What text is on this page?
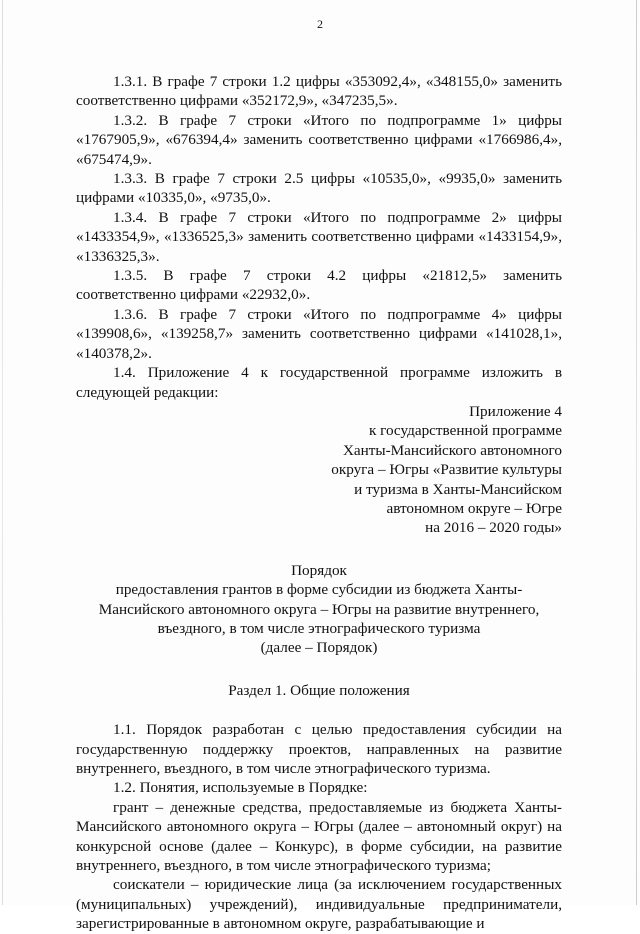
2

1.3.1. В графе 7 строки 1.2 цифры «353092,4», «348155,0» заменить соответственно цифрами «352172,9», «347235,5».

1.3.2. В графе 7 строки «Итого по подпрограмме 1» цифры «1767905,9», «676394,4» заменить соответственно цифрами «1766986,4», «675474,9».

1.3.3. В графе 7 строки 2.5 цифры «10535,0», «9935,0» заменить цифрами «10335,0», «9735,0».

1.3.4. В графе 7 строки «Итого по подпрограмме 2» цифры «1433354,9», «1336525,3» заменить соответственно цифрами «1433154,9», «1336325,3».

1.3.5. В графе 7 строки 4.2 цифры «21812,5» заменить соответственно цифрами «22932,0».

1.3.6. В графе 7 строки «Итого по подпрограмме 4» цифры «139908,6», «139258,7» заменить соответственно цифрами «141028,1», «140378,2».

1.4. Приложение 4 к государственной программе изложить в следующей редакции:

Приложение 4
к государственной программе
Ханты-Мансийского автономного
округа – Югры «Развитие культуры
и туризма в Ханты-Мансийском
автономном округе – Югре
на 2016 – 2020 годы»
Порядок
предоставления грантов в форме субсидии из бюджета Ханты-
Мансийского автономного округа – Югры на развитие внутреннего,
въездного, в том числе этнографического туризма
(далее – Порядок)
Раздел 1. Общие положения

1.1. Порядок разработан с целью предоставления субсидии на государственную поддержку проектов, направленных на развитие внутреннего, въездного, в том числе этнографического туризма.

1.2. Понятия, используемые в Порядке:

грант – денежные средства, предоставляемые из бюджета Ханты-Мансийского автономного округа – Югры (далее – автономный округ) на конкурсной основе (далее – Конкурс), в форме субсидии, на развитие внутреннего, въездного, в том числе этнографического туризма;

соискатели – юридические лица (за исключением государственных (муниципальных) учреждений), индивидуальные предприниматели, зарегистрированные в автономном округе, разрабатывающие и
